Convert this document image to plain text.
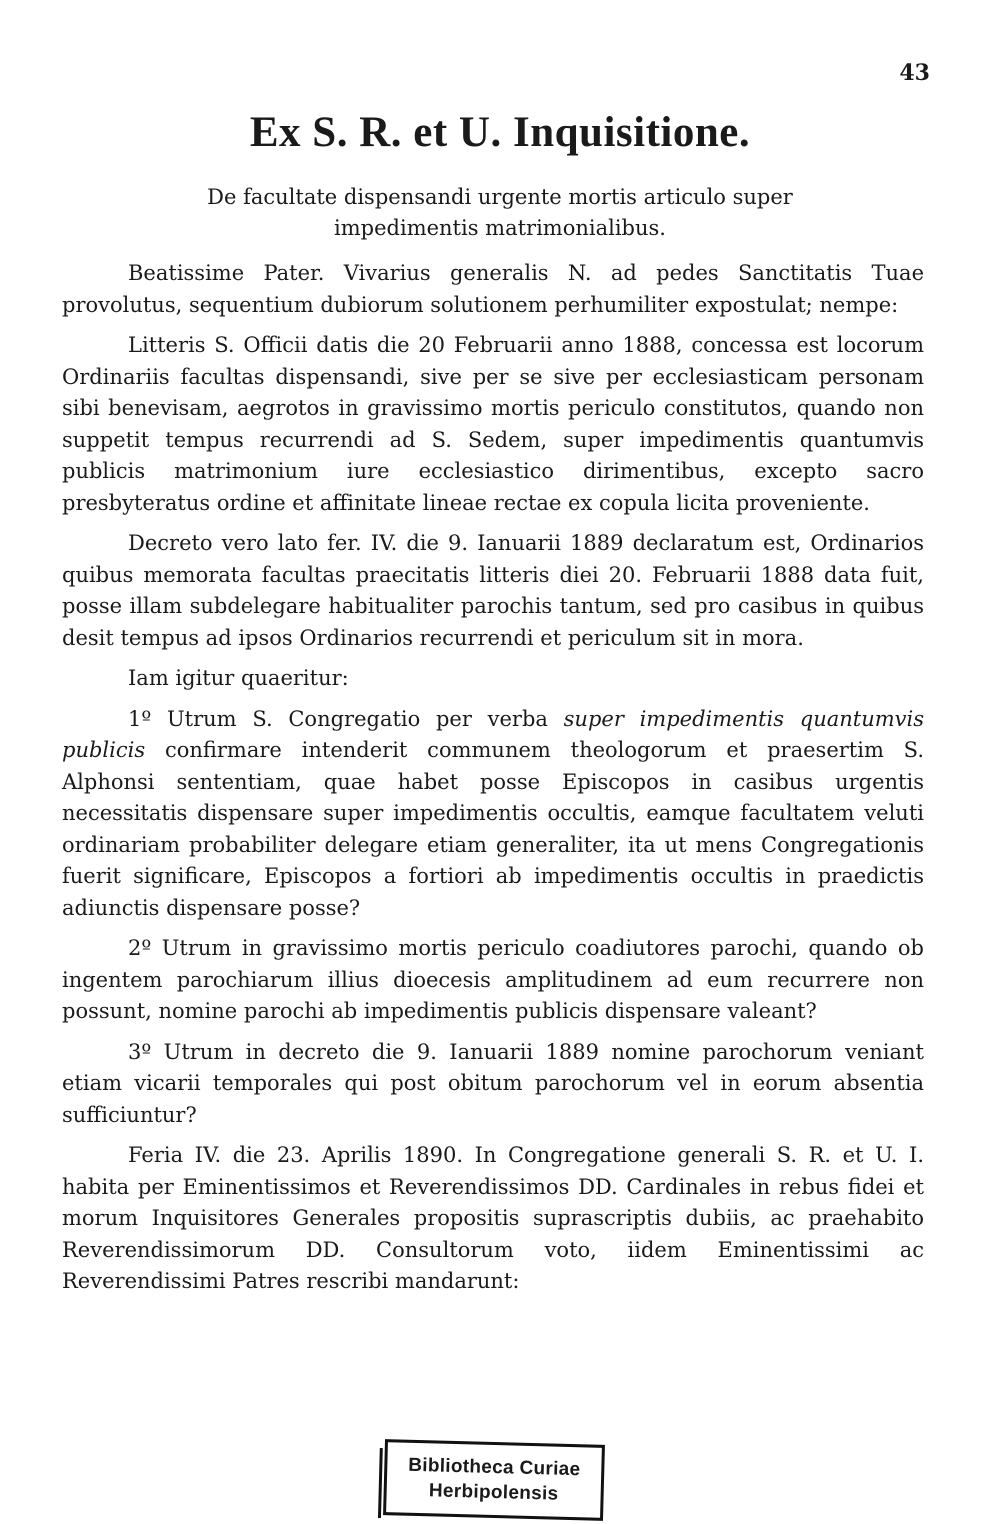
43
Ex S. R. et U. Inquisitione.
De facultate dispensandi urgente mortis articulo super impedimentis matrimonialibus.

Beatissime Pater. Vivarius generalis N. ad pedes Sanctitatis Tuae provolutus, sequentium dubiorum solutionem perhumiliter expostulat; nempe:

Litteris S. Officii datis die 20 Februarii anno 1888, concessa est locorum Ordinariis facultas dispensandi, sive per se sive per ecclesiasticam personam sibi benevisam, aegrotos in gravissimo mortis periculo constitutos, quando non suppetit tempus recurrendi ad S. Sedem, super impedimentis quantumvis publicis matrimonium iure ecclesiastico dirimentibus, excepto sacro presbyteratus ordine et affinitate lineae rectae ex copula licita proveniente.

Decreto vero lato fer. IV. die 9. Ianuarii 1889 declaratum est, Ordinarios quibus memorata facultas praecitatis litteris diei 20. Februarii 1888 data fuit, posse illam subdelegare habitualiter parochis tantum, sed pro casibus in quibus desit tempus ad ipsos Ordinarios recurrendi et periculum sit in mora.

Iam igitur quaeritur:

1º Utrum S. Congregatio per verba super impedimentis quantumvis publicis confirmare intenderit communem theologorum et praesertim S. Alphonsi sententiam, quae habet posse Episcopos in casibus urgentis necessitatis dispensare super impedimentis occultis, eamque facultatem veluti ordinariam probabiliter delegare etiam generaliter, ita ut mens Congregationis fuerit significare, Episcopos a fortiori ab impedimentis occultis in praedictis adiunctis dispensare posse?

2º Utrum in gravissimo mortis periculo coadiutores parochi, quando ob ingentem parochiarum illius dioecesis amplitudinem ad eum recurrere non possunt, nomine parochi ab impedimentis publicis dispensare valeant?

3º Utrum in decreto die 9. Ianuarii 1889 nomine parochorum veniant etiam vicarii temporales qui post obitum parochorum vel in eorum absentia sufficiuntur?

Feria IV. die 23. Aprilis 1890. In Congregatione generali S. R. et U. I. habita per Eminentissimos et Reverendissimos DD. Cardinales in rebus fidei et morum Inquisitores Generales propositis suprascriptis dubiis, ac praehabito Reverendissimorum DD. Consultorum voto, iidem Eminentissimi ac Reverendissimi Patres rescribi mandarunt:

Bibliotheca Curiae
Herbipolensis
